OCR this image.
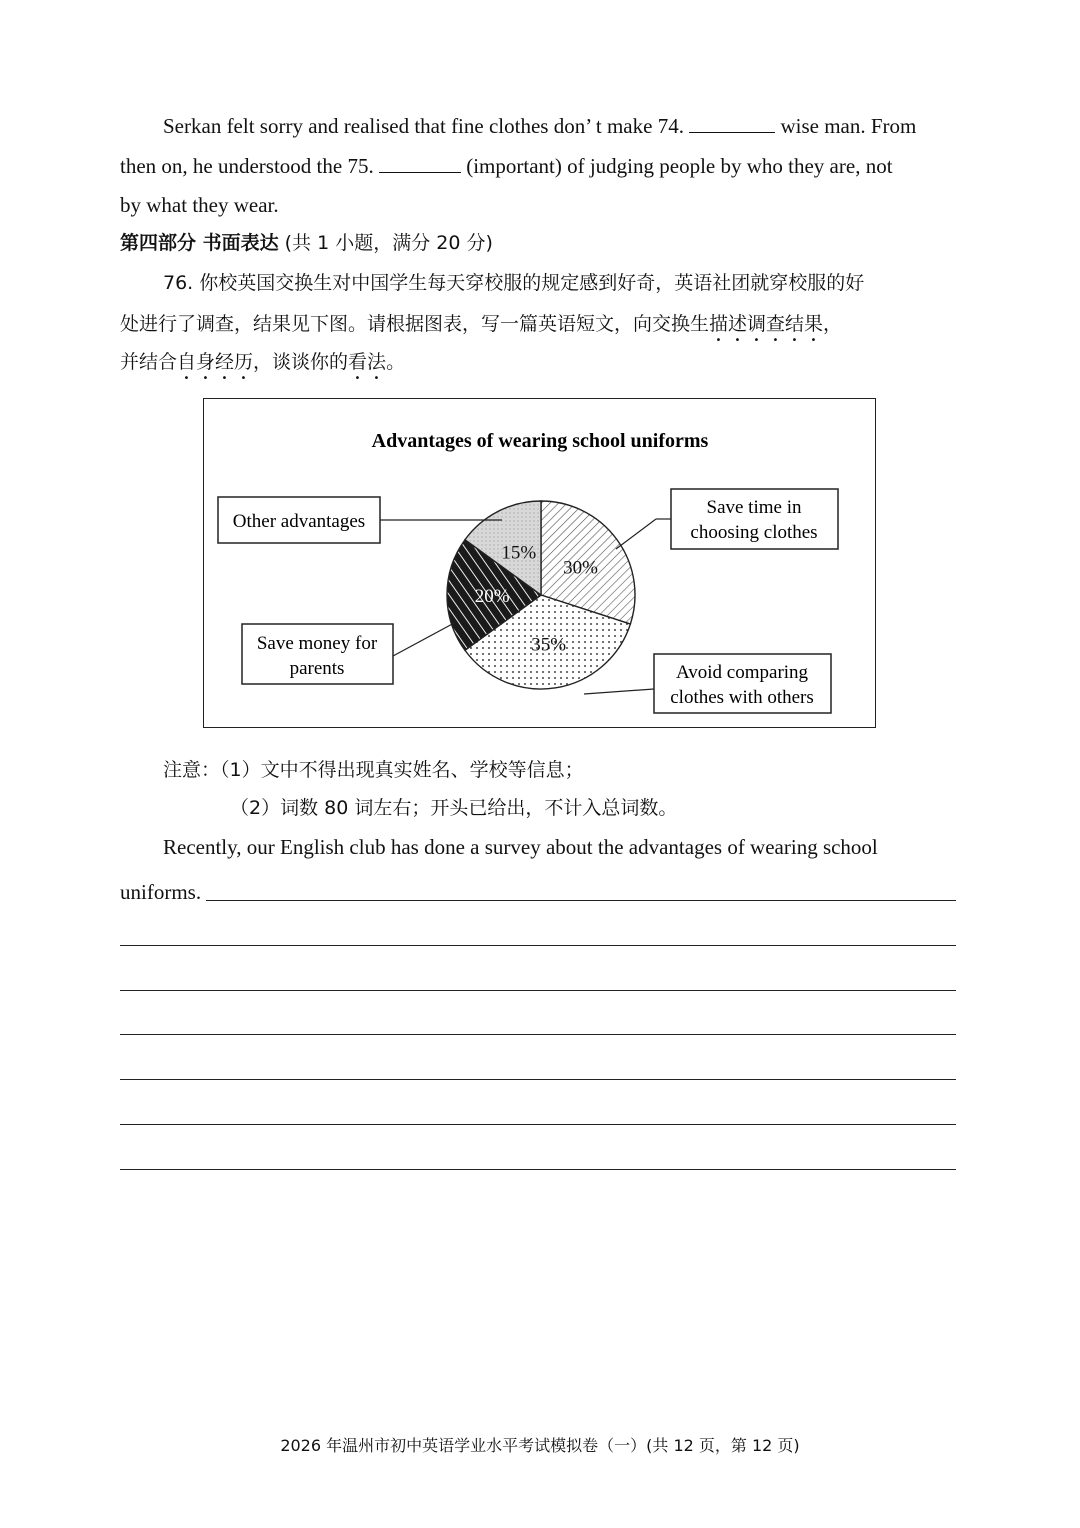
Serkan felt sorry and realised that fine clothes don’ t make 74.	wise man. From
then on, he understood the 75.	(important) of judging people by who they are, not
by what they wear.
第四部分 书面表达 (共 1 小题，满分 20 分)
76. 你校英国交换生对中国学生每天穿校服的规定感到好奇，英语社团就穿校服的好
处进行了调查，结果见下图。请根据图表，写一篇英语短文，向交换生描述调查结果，
并结合自身经历，谈谈你的看法。
Advantages of wearing school uniforms
30%
35%
20%
15%
Save time in
choosing clothes
Avoid comparing
clothes with others
Save money for
parents
Other advantages
注意：（1）文中不得出现真实姓名、学校等信息；
（2）词数 80 词左右；开头已给出，不计入总词数。
Recently, our English club has done a survey about the advantages of wearing school
uniforms.
2026 年温州市初中英语学业水平考试模拟卷（一）(共 12 页，第 12 页)
